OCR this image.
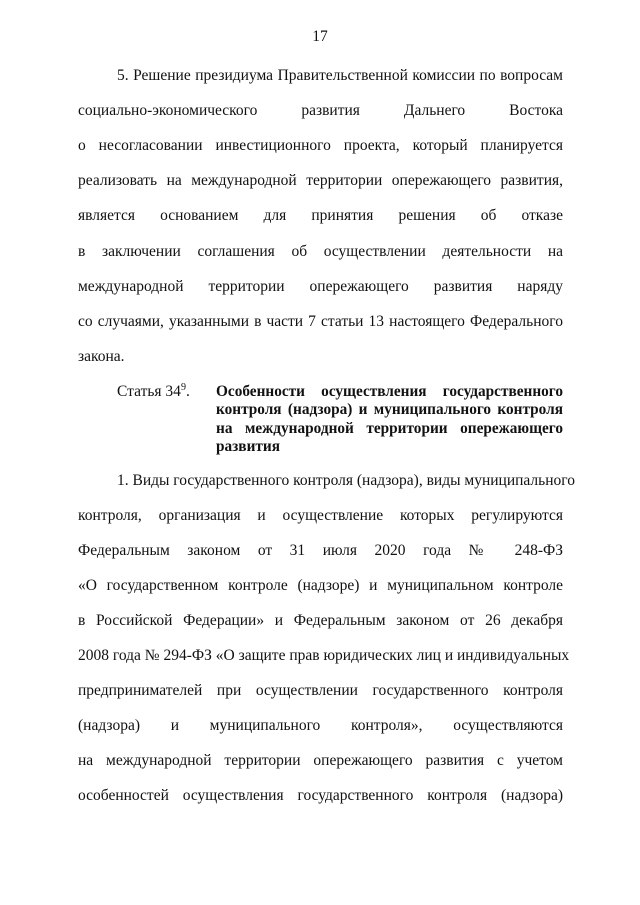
17
5. Решение президиума Правительственной комиссии по вопросам
социально-экономического развития Дальнего Востока
о несогласовании инвестиционного проекта, который планируется
реализовать на международной территории опережающего развития,
является основанием для принятия решения об отказе
в заключении соглашения об осуществлении деятельности на
международной территории опережающего развития наряду
со случаями, указанными в части 7 статьи 13 настоящего Федерального
закона.
Статья $34^9$. Особенности осуществления государственного
контроля (надзора) и муниципального контроля
на международной территории опережающего
развития
1. Виды государственного контроля (надзора), виды муниципального
контроля, организация и осуществление которых регулируются
Федеральным законом от 31 июля 2020 года № 248-ФЗ
«О государственном контроле (надзоре) и муниципальном контроле
в Российской Федерации» и Федеральным законом от 26 декабря
2008 года № 294-ФЗ «О защите прав юридических лиц и индивидуальных
предпринимателей при осуществлении государственного контроля
(надзора) и муниципального контроля», осуществляются
на международной территории опережающего развития с учетом
особенностей осуществления государственного контроля (надзора)
